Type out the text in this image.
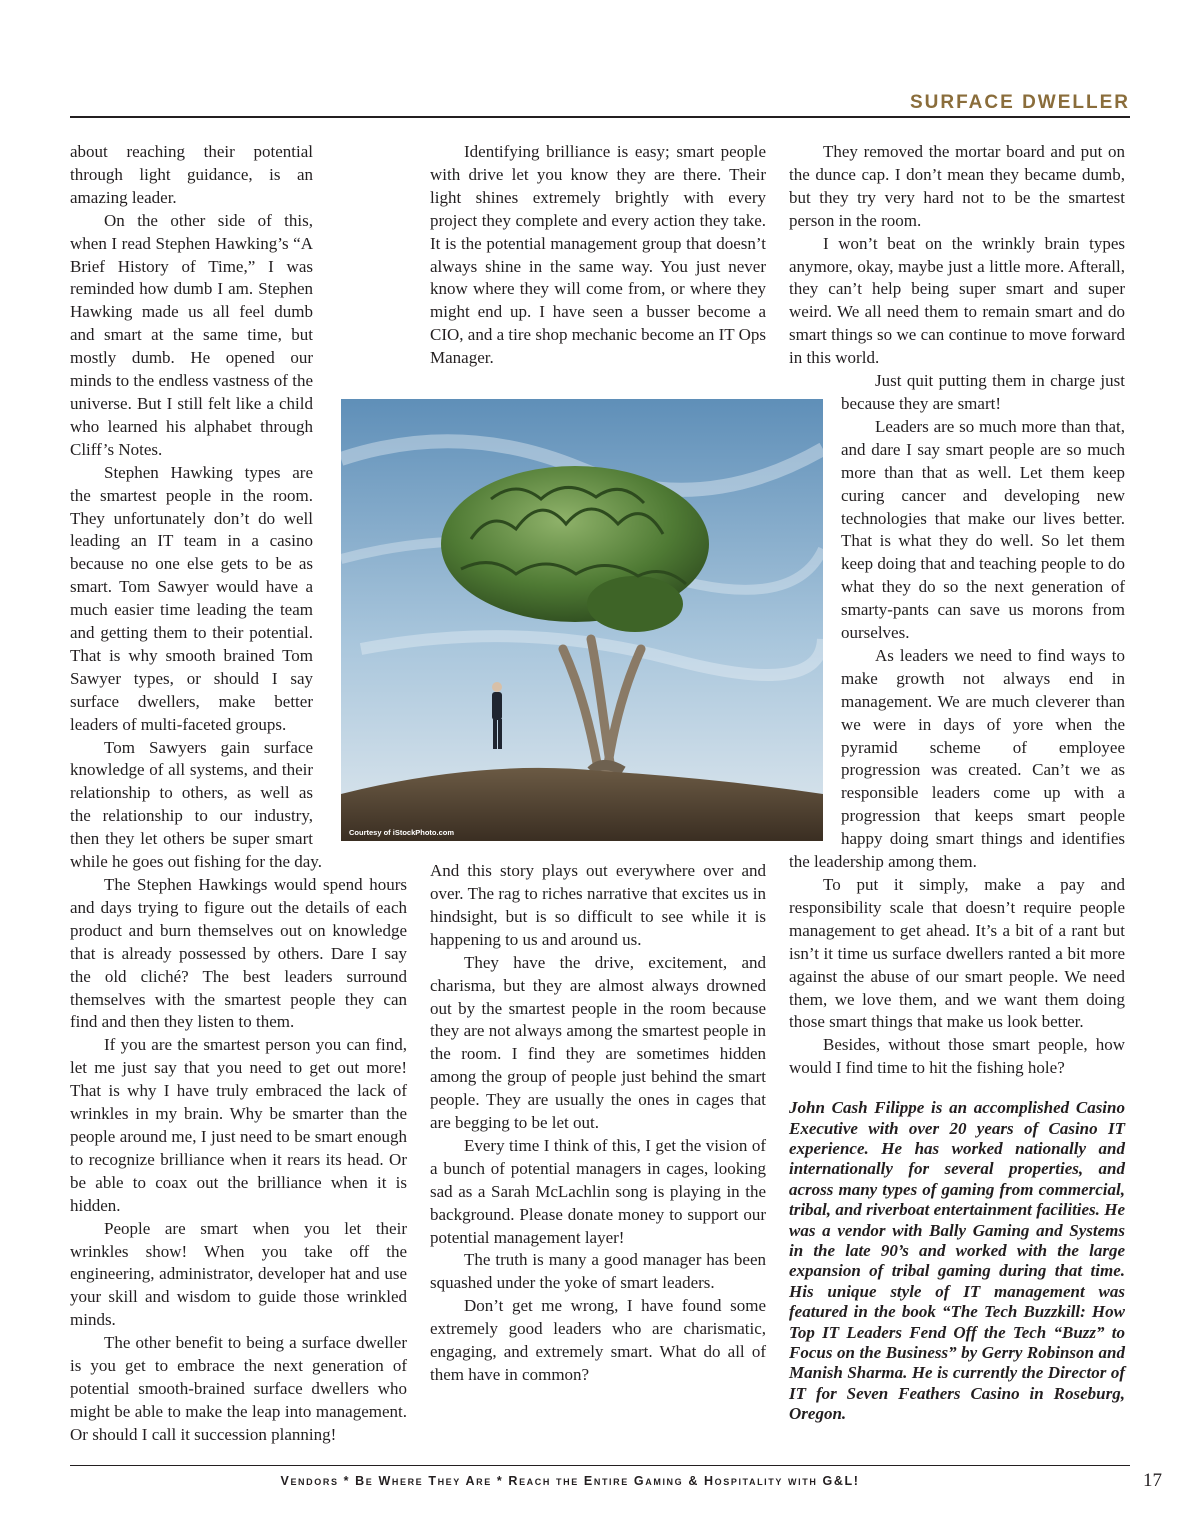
SURFACE DWELLER

about reaching their potential through light guidance, is an amazing leader.

On the other side of this, when I read Stephen Hawking’s “A Brief History of Time,” I was reminded how dumb I am. Stephen Hawking made us all feel dumb and smart at the same time, but mostly dumb. He opened our minds to the endless vastness of the universe. But I still felt like a child who learned his alphabet through Cliff’s Notes.

Stephen Hawking types are the smartest people in the room. They unfortunately don’t do well leading an IT team in a casino because no one else gets to be as smart. Tom Sawyer would have a much easier time leading the team and getting them to their potential. That is why smooth brained Tom Sawyer types, or should I say surface dwellers, make better leaders of multi-faceted groups.

Tom Sawyers gain surface knowledge of all systems, and their relationship to others, as well as the relationship to our industry, then they let others be super smart while he goes out fishing for the day.

The Stephen Hawkings would spend hours and days trying to figure out the details of each product and burn themselves out on knowledge that is already possessed by others. Dare I say the old cliché? The best leaders surround themselves with the smartest people they can find and then they listen to them.

If you are the smartest person you can find, let me just say that you need to get out more! That is why I have truly embraced the lack of wrinkles in my brain. Why be smarter than the people around me, I just need to be smart enough to recognize brilliance when it rears its head. Or be able to coax out the brilliance when it is hidden.

People are smart when you let their wrinkles show! When you take off the engineering, administrator, developer hat and use your skill and wisdom to guide those wrinkled minds.

The other benefit to being a surface dweller is you get to embrace the next generation of potential smooth-brained surface dwellers who might be able to make the leap into management. Or should I call it succession planning!

Identifying brilliance is easy; smart people with drive let you know they are there. Their light shines extremely brightly with every project they complete and every action they take. It is the potential management group that doesn’t always shine in the same way. You just never know where they will come from, or where they might end up. I have seen a busser become a CIO, and a tire shop mechanic become an IT Ops Manager.

And this story plays out everywhere over and over. The rag to riches narrative that excites us in hindsight, but is so difficult to see while it is happening to us and around us.

They have the drive, excitement, and charisma, but they are almost always drowned out by the smartest people in the room because they are not always among the smartest people in the room. I find they are sometimes hidden among the group of people just behind the smart people. They are usually the ones in cages that are begging to be let out.

Every time I think of this, I get the vision of a bunch of potential managers in cages, looking sad as a Sarah McLachlin song is playing in the background. Please donate money to support our potential management layer!

The truth is many a good manager has been squashed under the yoke of smart leaders.

Don’t get me wrong, I have found some extremely good leaders who are charismatic, engaging, and extremely smart. What do all of them have in common?

They removed the mortar board and put on the dunce cap. I don’t mean they became dumb, but they try very hard not to be the smartest person in the room.

I won’t beat on the wrinkly brain types anymore, okay, maybe just a little more. Afterall, they can’t help being super smart and super weird. We all need them to remain smart and do smart things so we can continue to move forward in this world.

Just quit putting them in charge just because they are smart!

Leaders are so much more than that, and dare I say smart people are so much more than that as well. Let them keep curing cancer and developing new technologies that make our lives better. That is what they do well. So let them keep doing that and teaching people to do what they do so the next generation of smarty-pants can save us morons from ourselves.

As leaders we need to find ways to make growth not always end in management. We are much cleverer than we were in days of yore when the pyramid scheme of employee progression was created. Can’t we as responsible leaders come up with a progression that keeps smart people happy doing smart things and identifies the leadership among them.

To put it simply, make a pay and responsibility scale that doesn’t require people management to get ahead. It’s a bit of a rant but isn’t it time us surface dwellers ranted a bit more against the abuse of our smart people. We need them, we love them, and we want them doing those smart things that make us look better.

Besides, without those smart people, how would I find time to hit the fishing hole?

John Cash Filippe is an accomplished Casino Executive with over 20 years of Casino IT experience. He has worked nationally and internationally for several properties, and across many types of gaming from commercial, tribal, and riverboat entertainment facilities. He was a vendor with Bally Gaming and Systems in the late 90’s and worked with the large expansion of tribal gaming during that time. His unique style of IT management was featured in the book “The Tech Buzzkill: How Top IT Leaders Fend Off the Tech “Buzz” to Focus on the Business” by Gerry Robinson and Manish Sharma. He is currently the Director of IT for Seven Feathers Casino in Roseburg, Oregon.

Courtesy of iStockPhoto.com
Vendors * Be Where They Are * Reach the Entire Gaming & Hospitality with G&L!	17
